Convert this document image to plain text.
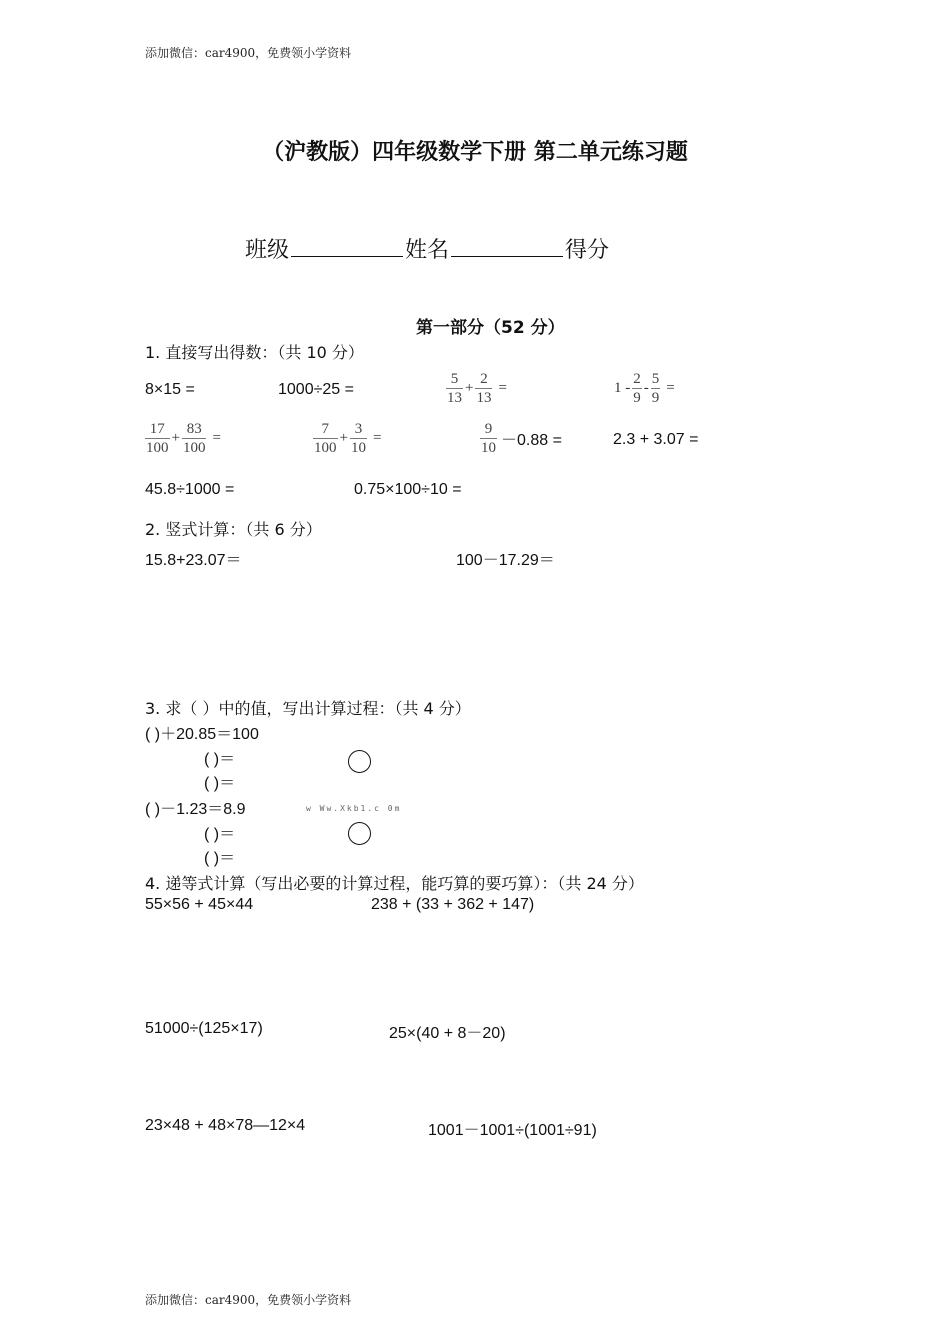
添加微信：car4900，免费领小学资料
（沪教版）四年级数学下册 第二单元练习题
班级	姓名	得分
第一部分（52 分）
1. 直接写出得数：（共 10 分）
8×15 =	1000÷25 =	$\frac{5}{13} + \frac{2}{13}$ =	$1 - \frac{2}{9} - \frac{5}{9}$ =
$\frac{17}{100} + \frac{83}{100}$ =	$\frac{7}{100} + \frac{3}{10}$ =	$\frac{9}{10} -0.88$ =	2.3 + 3.07 =
45.8÷1000 =	0.75×100÷10 =
2. 竖式计算：（共 6 分）
15.8+23.07＝	100－17.29＝
3. 求（ ）中的值，写出计算过程：（共 4 分）
( )＋20.85＝100
( )＝
( )＝
( )－1.23＝8.9	w Ww.Xkb1.c 0m
( )＝
( )＝
4. 递等式计算（写出必要的计算过程，能巧算的要巧算）：（共 24 分）
55×56 + 45×44	238 + (33 + 362 + 147)
51000÷(125×17)	25×(40 + 8－20)
23×48 + 48×78—12×4	1001－1001÷(1001÷91)
添加微信：car4900，免费领小学资料
